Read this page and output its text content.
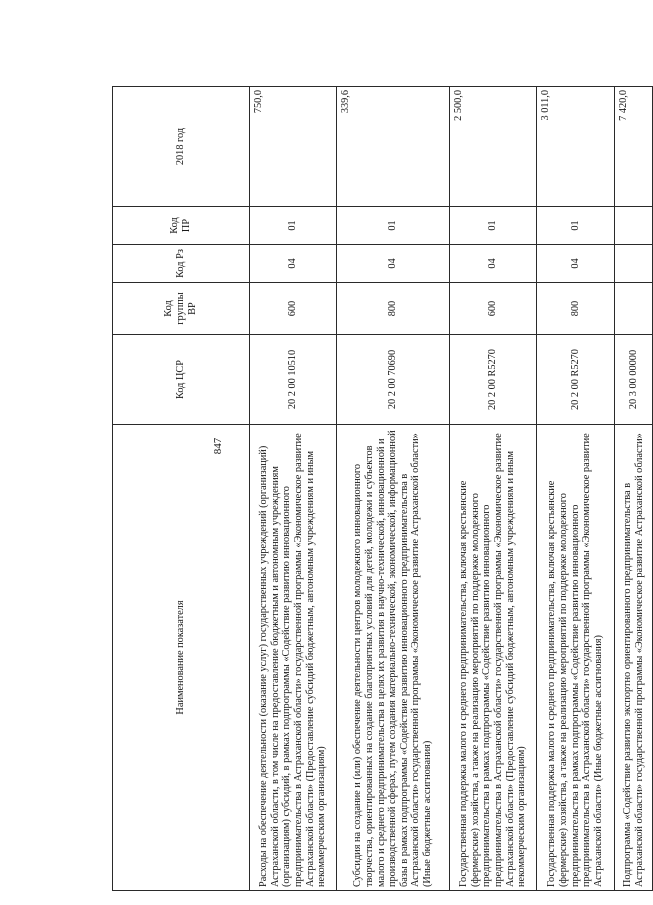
847
Наименование показателя	Код ЦСР	Код группы ВР	Код Рз	Код ПР	2018 год
Расходы на обеспечение деятельности (оказание услуг) государственных учреждений (организаций) Астраханской области, в том числе на предоставление бюджетным и автономным учреждениям (организациям) субсидий, в рамках подпрограммы «Содействие развитию инновационного предпринимательства в Астраханской области» государственной программы «Экономическое развитие Астраханской области» (Предоставление субсидий бюджетным, автономным учреждениям и иным некоммерческим организациям)	20 2 00 10510	600	04	01	750,0
Субсидия на создание и (или) обеспечение деятельности центров молодежного инновационного творчества, ориентированных на создание благоприятных условий для детей, молодежи и субъектов малого и среднего предпринимательства в целях их развития в научно-технической, инновационной и производственной сферах, путем создания материально-технической, экономической, информационной базы в рамках подпрограммы «Содействие развитию инновационного предпринимательства в Астраханской области» государственной программы «Экономическое развитие Астраханской области» (Иные бюджетные ассигнования)	20 2 00 70690	800	04	01	339,6
Государственная поддержка малого и среднего предпринимательства, включая крестьянские (фермерские) хозяйства, а также на реализацию мероприятий по поддержке молодежного предпринимательства в рамках подпрограммы «Содействие развитию инновационного предпринимательства в Астраханской области» государственной программы «Экономическое развитие Астраханской области» (Предоставление субсидий бюджетным, автономным учреждениям и иным некоммерческим организациям)	20 2 00 R5270	600	04	01	2 500,0
Государственная поддержка малого и среднего предпринимательства, включая крестьянские (фермерские) хозяйства, а также на реализацию мероприятий по поддержке молодежного предпринимательства в рамках подпрограммы «Содействие развитию инновационного предпринимательства в Астраханской области» государственной программы «Экономическое развитие Астраханской области» (Иные бюджетные ассигнования)	20 2 00 R5270	800	04	01	3 011,0
Подпрограмма «Содействие развитию экспортно ориентированного предпринимательства в Астраханской области» государственной программы «Экономическое развитие Астраханской области»	20 3 00 00000				7 420,0
